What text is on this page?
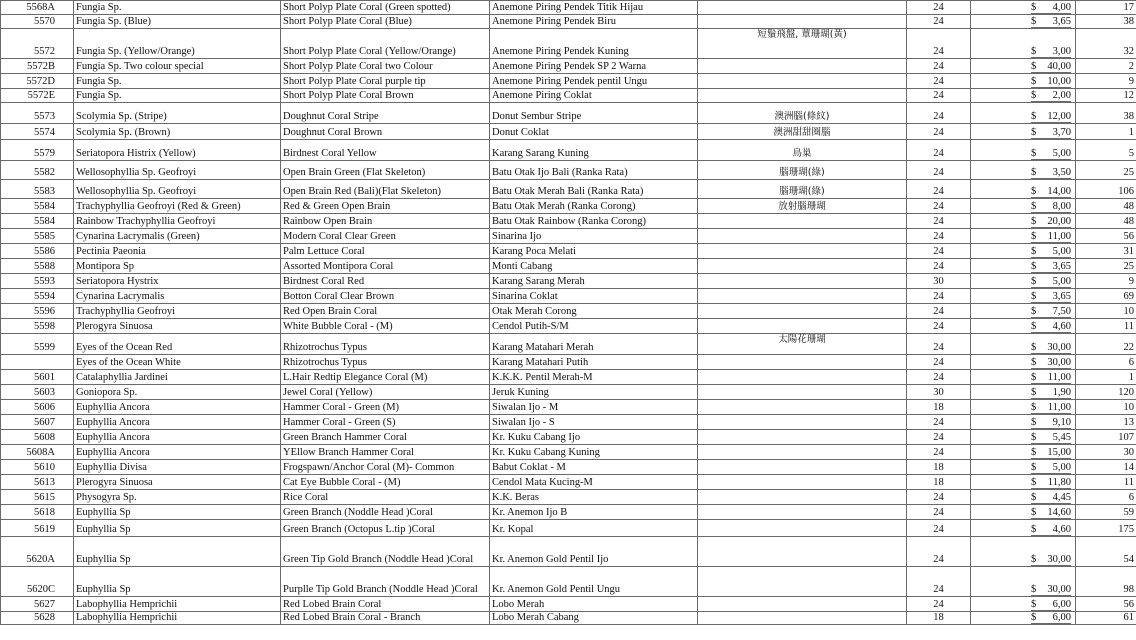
5568A	Fungia Sp.	Short Polyp Plate Coral (Green spotted)	Anemone Piring Pendek Titik Hijau		24	$ 4,00	17
5570	Fungia Sp. (Blue)	Short Polyp Plate Coral (Blue)	Anemone Piring Pendek Biru		24	$ 3,65	38
5572	Fungia Sp. (Yellow/Orange)	Short Polyp Plate Coral (Yellow/Orange)	Anemone Piring Pendek Kuning	短鬚飛盤, 蕈珊瑚(黃)	24	$ 3,00	32
5572B	Fungia Sp. Two colour special	Short Polyp Plate Coral two Colour	Anemone Piring Pendek SP 2 Warna		24	$ 40,00	2
5572D	Fungia Sp.	Short Polyp Plate Coral purple tip	Anemone Piring Pendek pentil Ungu		24	$ 10,00	9
5572E	Fungia Sp.	Short Polyp Plate Coral Brown	Anemone Piring Coklat		24	$ 2,00	12
5573	Scolymia Sp. (Stripe)	Doughnut Coral Stripe	Donut Sembur Stripe	澳洲腦(條紋)	24	$ 12,00	38
5574	Scolymia Sp. (Brown)	Doughnut Coral Brown	Donut Coklat	澳洲甜甜圈腦	24	$ 3,70	1
5579	Seriatopora Histrix (Yellow)	Birdnest Coral Yellow	Karang Sarang Kuning	鳥巢	24	$ 5,00	5
5582	Wellosophyllia Sp. Geofroyi	Open Brain Green (Flat Skeleton)	Batu Otak Ijo Bali (Ranka Rata)	腦珊瑚(綠)	24	$ 3,50	25
5583	Wellosophyllia Sp. Geofroyi	Open Brain Red (Bali)(Flat Skeleton)	Batu Otak Merah Bali (Ranka Rata)	腦珊瑚(綠)	24	$ 14,00	106
5584	Trachyphyllia Geofroyi (Red & Green)	Red & Green Open Brain	Batu Otak Merah (Ranka Corong)	放射腦珊瑚	24	$ 8,00	48
5584	Rainbow Trachyphyllia Geofroyi	Rainbow Open Brain	Batu Otak Rainbow (Ranka Corong)		24	$ 20,00	48
5585	Cynarina Lacrymalis (Green)	Modern Coral Clear Green	Sinarina Ijo		24	$ 11,00	56
5586	Pectinia Paeonia	Palm Lettuce Coral	Karang Poca Melati		24	$ 5,00	31
5588	Montipora Sp	Assorted Montipora Coral	Monti Cabang		24	$ 3,65	25
5593	Seriatopora Hystrix	Birdnest Coral Red	Karang Sarang Merah		30	$ 5,00	9
5594	Cynarina Lacrymalis	Botton Coral Clear Brown	Sinarina Coklat		24	$ 3,65	69
5596	Trachyphyllia Geofroyi	Red Open Brain Coral	Otak Merah Corong		24	$ 7,50	10
5598	Plerogyra Sinuosa	White Bubble Coral - (M)	Cendol Putih-S/M		24	$ 4,60	11
5599	Eyes of the Ocean Red	Rhizotrochus Typus	Karang Matahari Merah	太陽花珊瑚	24	$ 30,00	22
	Eyes of the Ocean White	Rhizotrochus Typus	Karang Matahari Putih		24	$ 30,00	6
5601	Catalaphyllia Jardinei	L.Hair Redtip Elegance Coral (M)	K.K.K. Pentil Merah-M		24	$ 11,00	1
5603	Goniopora Sp.	Jewel Coral (Yellow)	Jeruk Kuning		30	$ 1,90	120
5606	Euphyllia Ancora	Hammer Coral - Green (M)	Siwalan Ijo - M		18	$ 11,00	10
5607	Euphyllia Ancora	Hammer Coral - Green (S)	Siwalan Ijo - S		24	$ 9,10	13
5608	Euphyllia Ancora	Green Branch Hammer Coral	Kr. Kuku Cabang Ijo		24	$ 5,45	107
5608A	Euphyllia Ancora	YEllow Branch Hammer Coral	Kr. Kuku Cabang Kuning		24	$ 15,00	30
5610	Euphyllia Divisa	Frogspawn/Anchor Coral (M)- Common	Babut Coklat - M		18	$ 5,00	14
5613	Plerogyra Sinuosa	Cat Eye Bubble Coral - (M)	Cendol Mata Kucing-M		18	$ 11,80	11
5615	Physogyra Sp.	Rice Coral	K.K. Beras		24	$ 4,45	6
5618	Euphyllia Sp	Green Branch (Noddle Head )Coral	Kr. Anemon Ijo B		24	$ 14,60	59
5619	Euphyllia Sp	Green Branch (Octopus L.tip )Coral	Kr. Kopal		24	$ 4,60	175
5620A	Euphyllia Sp	Green Tip Gold Branch (Noddle Head )Coral	Kr. Anemon Gold Pentil Ijo		24	$ 30,00	54
5620C	Euphyllia Sp	Purplle Tip Gold Branch (Noddle Head )Coral	Kr. Anemon Gold Pentil Ungu		24	$ 30,00	98
5627	Labophyllia Hemprichii	Red Lobed Brain Coral	Lobo Merah		24	$ 6,00	56
5628	Labophyllia Hemprichii	Red Lobed Brain Coral - Branch	Lobo Merah Cabang		18	$ 6,00	61
